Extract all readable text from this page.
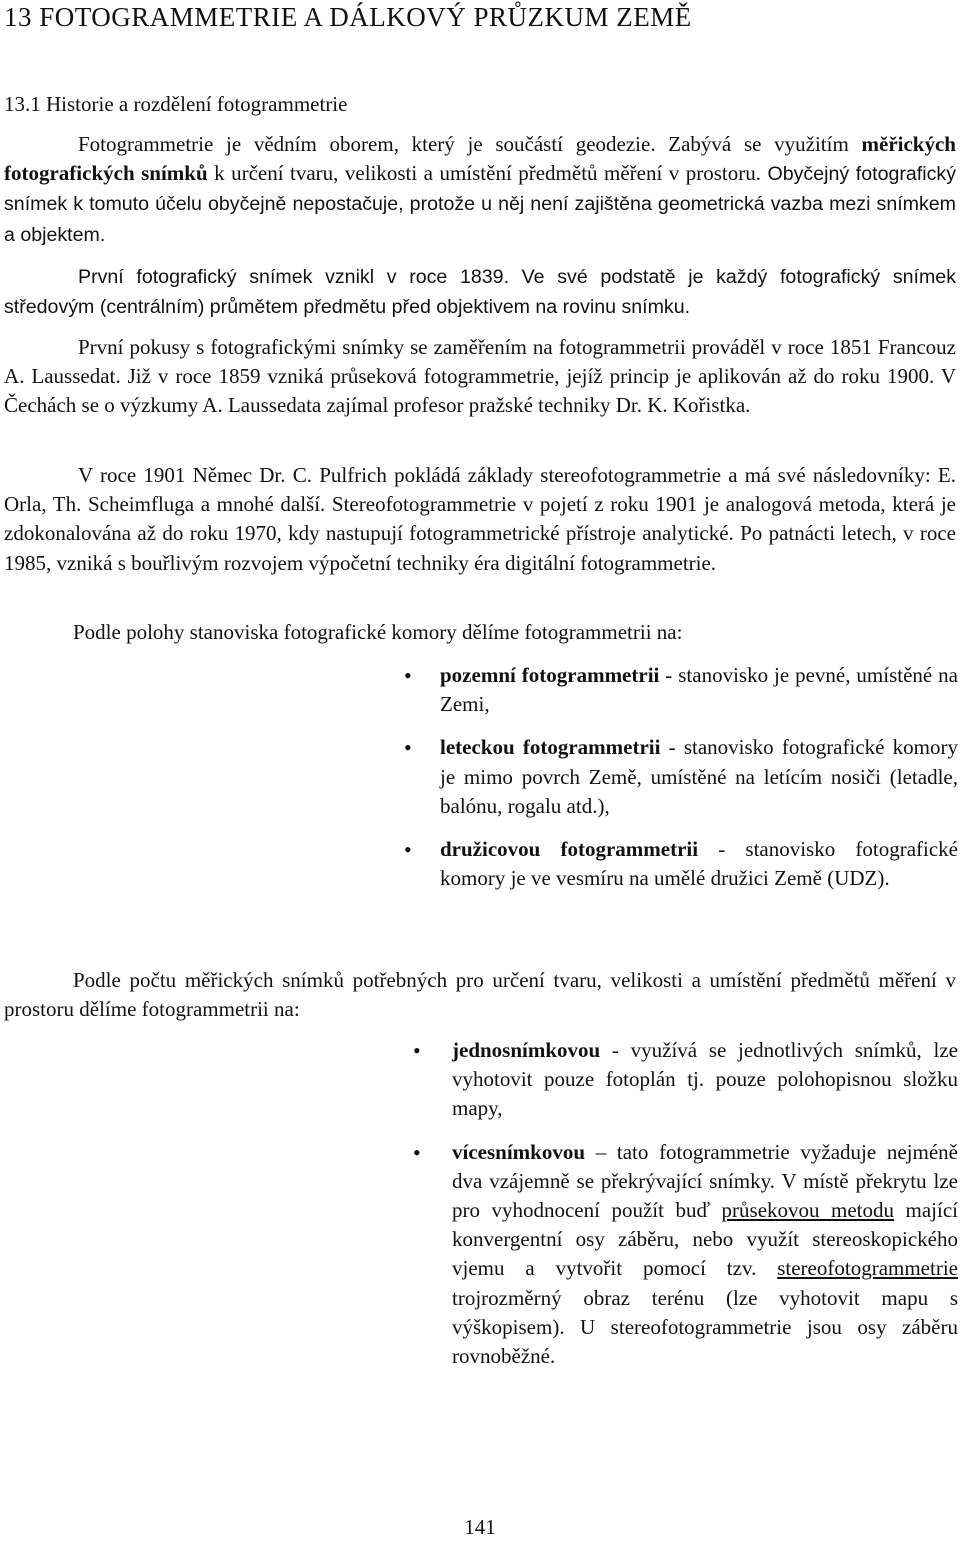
13 FOTOGRAMMETRIE A DÁLKOVÝ PRŮZKUM ZEMĚ
13.1 Historie a rozdělení fotogrammetrie

Fotogrammetrie je vědním oborem, který je součástí geodezie. Zabývá se využitím měřických fotografických snímků k určení tvaru, velikosti a umístění předmětů měření v prostoru. Obyčejný fotografický snímek k tomuto účelu obyčejně nepostačuje, protože u něj není zajištěna geometrická vazba mezi snímkem a objektem.

První fotografický snímek vznikl v roce 1839. Ve své podstatě je každý fotografický snímek středovým (centrálním) průmětem předmětu před objektivem na rovinu snímku.

První pokusy s fotografickými snímky se zaměřením na fotogrammetrii prováděl v roce 1851 Francouz A. Laussedat. Již v roce 1859 vzniká průseková fotogrammetrie, jejíž princip je aplikován až do roku 1900. V Čechách se o výzkumy A. Laussedata zajímal profesor pražské techniky Dr. K. Kořistka.

V roce 1901 Němec Dr. C. Pulfrich pokládá základy stereofotogrammetrie a má své následovníky: E. Orla, Th. Scheimfluga a mnohé další. Stereofotogrammetrie v pojetí z roku 1901 je analogová metoda, která je zdokonalována až do roku 1970, kdy nastupují fotogrammetrické přístroje analytické. Po patnácti letech, v roce 1985, vzniká s bouřlivým rozvojem výpočetní techniky éra digitální fotogrammetrie.

Podle polohy stanoviska fotografické komory dělíme fotogrammetrii na:

• pozemní fotogrammetrii - stanovisko je pevné, umístěné na Zemi,
• leteckou fotogrammetrii - stanovisko fotografické komory je mimo povrch Země, umístěné na letícím nosiči (letadle, balónu, rogalu atd.),
• družicovou fotogrammetrii - stanovisko fotografické komory je ve vesmíru na umělé družici Země (UDZ).

Podle počtu měřických snímků potřebných pro určení tvaru, velikosti a umístění předmětů měření v prostoru dělíme fotogrammetrii na:

• jednosnímkovou - využívá se jednotlivých snímků, lze vyhotovit pouze fotoplán tj. pouze polohopisnou složku mapy,
• vícesnímkovou – tato fotogrammetrie vyžaduje nejméně dva vzájemně se překrývající snímky. V místě překrytu lze pro vyhodnocení použít buď průsekovou metodu mající konvergentní osy záběru, nebo využít stereoskopického vjemu a vytvořit pomocí tzv. stereofotogrammetrie trojrozměrný obraz terénu (lze vyhotovit mapu s výškopisem). U stereofotogrammetrie jsou osy záběru rovnoběžné.
141
